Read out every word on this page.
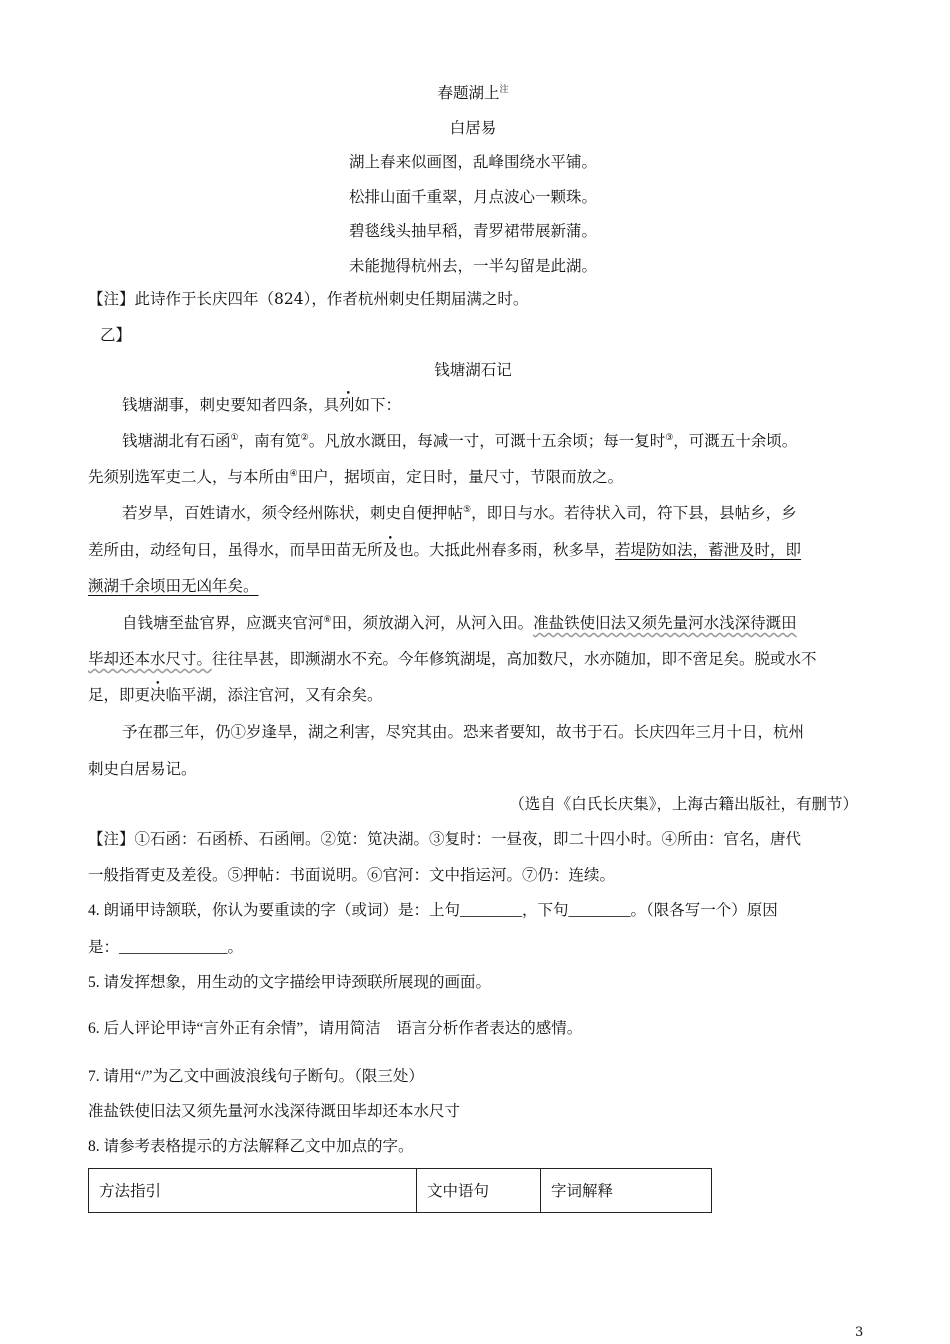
春题湖上$^注$
白居易
湖上春来似画图，乱峰围绕水平铺。
松排山面千重翠，月点波心一颗珠。
碧毯线头抽早稻，青罗裙带展新蒲。
未能抛得杭州去，一半勾留是此湖。
【注】此诗作于长庆四年（824），作者杭州刺史任期届满之时。
乙】
钱塘湖石记
钱塘湖事，刺史要知者四条，具列如下：
钱塘湖北有石函①，南有笕②。凡放水溉田，每减一寸，可溉十五余顷；每一复时③，可溉五十余顷。
先须别选军吏二人，与本所由④田户，据顷亩，定日时，量尺寸，节限而放之。
若岁旱，百姓请水，须令经州陈状，刺史自便押帖⑤，即日与水。若待状入司，符下县，县帖乡，乡
差所由，动经旬日，虽得水，而旱田苗无所及也。大抵此州春多雨，秋多旱，若堤防如法，蓄泄及时，即
濒湖千余顷田无凶年矣。
自钱塘至盐官界，应溉夹官河⑥田，须放湖入河，从河入田。准盐铁使旧法又须先量河水浅深待溉田
毕却还本水尺寸。往往旱甚，即濒湖水不充。今年修筑湖堤，高加数尺，水亦随加，即不啻足矣。脱或水不
足，即更决临平湖，添注官河，又有余矣。
予在郡三年，仍①岁逢旱，湖之利害，尽究其由。恐来者要知，故书于石。长庆四年三月十日，杭州
刺史白居易记。
（选自《白氏长庆集》，上海古籍出版社，有删节）
【注】①石函：石函桥、石函闸。②笕：笕决湖。③复时：一昼夜，即二十四小时。④所由：官名，唐代
一般指胥吏及差役。⑤押帖：书面说明。⑥官河：文中指运河。⑦仍：连续。
4. 朗诵甲诗颔联，你认为要重读的字（或词）是：上句________，下句________。（限各写一个）原因
是：______________。
5. 请发挥想象，用生动的文字描绘甲诗颈联所展现的画面。
6. 后人评论甲诗“言外正有余情”，请用简洁　语言分析作者表达的感情。
7. 请用“/”为乙文中画波浪线句子断句。（限三处）
准盐铁使旧法又须先量河水浅深待溉田毕却还本水尺寸
8. 请参考表格提示的方法解释乙文中加点的字。
方法指引	文中语句	字词解释
3
